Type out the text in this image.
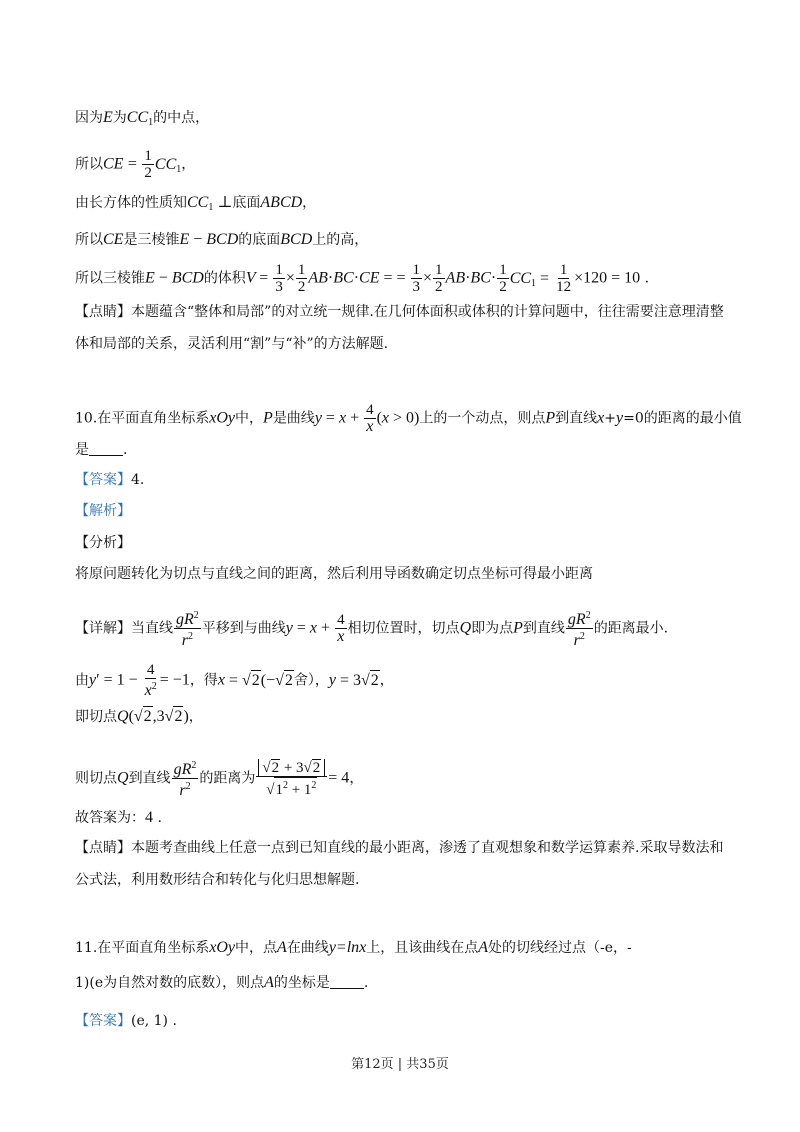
因为E为$CC_1$的中点，
所以CE = $\frac{1}{2} CC_1$，
由长方体的性质知$CC_1$ ⊥底面ABCD，
所以CE是三棱锥E − BCD的底面BCD上的高，
所以三棱锥E − BCD的体积$V = \frac{1}{3} \times \frac{1}{2} AB\cdot BC\cdot CE$ = = $\frac{1}{3} \times \frac{1}{2} AB\cdot BC\cdot \frac{1}{2} CC_1 = \frac{1}{12} \times 120 = 10$ .
【点睛】本题蕴含“整体和局部”的对立统一规律.在几何体面积或体积的计算问题中，往往需要注意理清整
体和局部的关系，灵活利用“割”与“补”的方法解题.
10.在平面直角坐标系xOy中，P是曲线$y = x + \frac{4}{x} (x > 0)$上的一个动点，则点P到直线x+y=0的距离的最小值
是 .
【答案】4.
【解析】
【分析】
将原问题转化为切点与直线之间的距离，然后利用导函数确定切点坐标可得最小距离
【详解】当直线 $\frac{gR^2}{r^2}$ 平移到与曲线$y = x + \frac{4}{x}$ 相切位置时，切点Q即为点P到直线 $\frac{gR^2}{r^2}$ 的距离最小.
由$y' = 1 - \frac{4}{x^2} = -1$，得x = √2(−√2舍），y = 3√2，
即切点Q(√2,3√2)，
则切点Q到直线 $\frac{gR^2}{r^2}$ 的距离为 $\frac{√2 + 3√2}{√1^2 + 1^2} = 4$，
故答案为：4 .
【点睛】本题考查曲线上任意一点到已知直线的最小距离，渗透了直观想象和数学运算素养.采取导数法和
公式法，利用数形结合和转化与化归思想解题.
11.在平面直角坐标系xOy中，点A在曲线y=lnx上，且该曲线在点A处的切线经过点（-e，-
1)(e为自然对数的底数），则点A的坐标是 .
【答案】(e, 1) .
第12页 | 共35页
